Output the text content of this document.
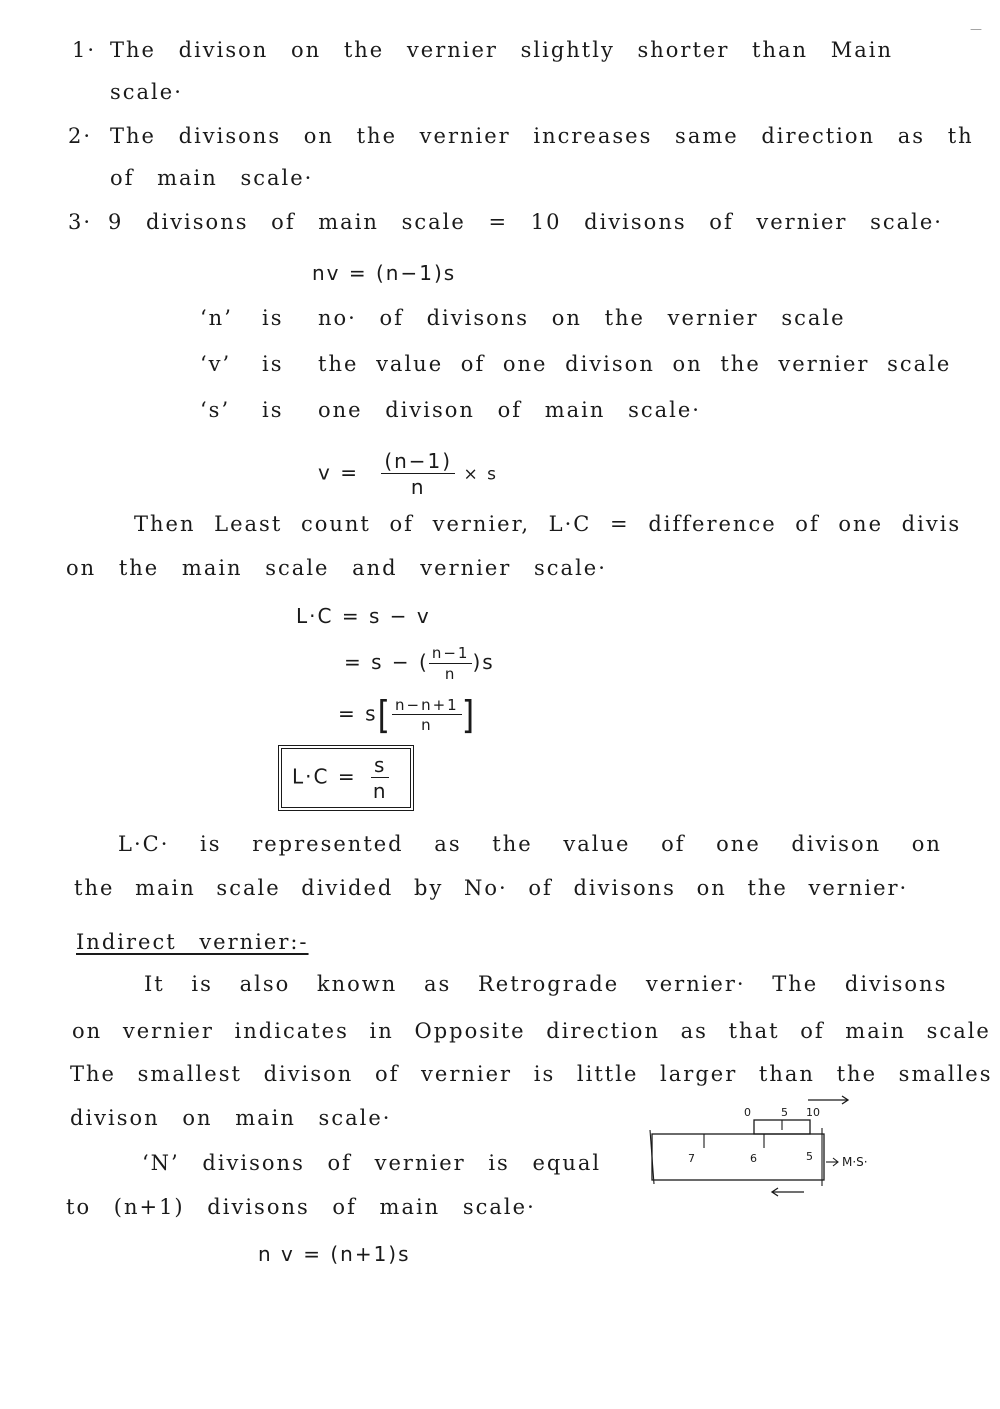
—
1· The divison on the vernier slightly shorter than Main
scale·
2· The divisons on the vernier increases same direction as th
of main scale·
3· 9 divisons of main scale = 10 divisons of vernier scale·
nv = (n−1)s
‘n’ is no· of divisons on the vernier scale
‘v’ is the value of one divison on the vernier scale
‘s’ is one divison of main scale·
$v = \frac{(n-1)}{n} \times s$
Then Least count of vernier, L·C = difference of one divis
on the main scale and vernier scale·
L·C = s − v
= s − ( $\frac{n-1}{n} )s$
= $s[ \frac{n-n+1}{n}$ ]
$L\cdot C = \frac{s}{n}$
L·C· is represented as the value of one divison on
the main scale divided by No· of divisons on the vernier·
Indirect vernier:-
It is also known as Retrograde vernier· The divisons
on vernier indicates in Opposite direction as that of main scale
The smallest divison of vernier is little larger than the smalles
divison on main scale·
‘N’ divisons of vernier is equal
to (n+1) divisons of main scale·
n v = (n+1)s
0	5 10
7	6	5 M·S·
